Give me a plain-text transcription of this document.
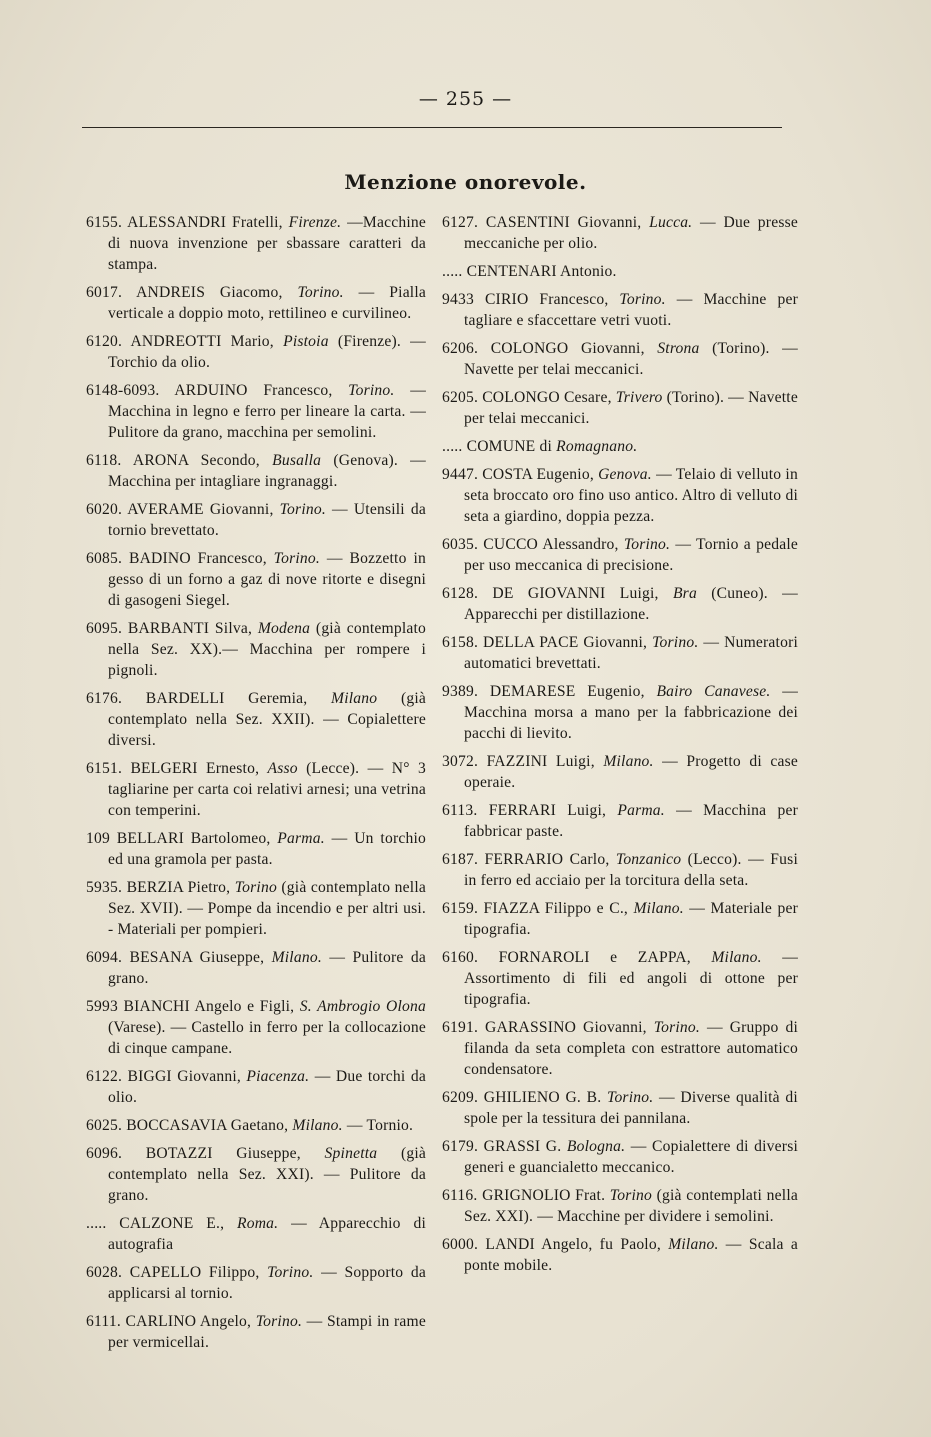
— 255 —
Menzione onorevole.

6155. ALESSANDRI Fratelli, Firenze. —Macchine di nuova invenzione per sbassare caratteri da stampa.

6017. ANDREIS Giacomo, Torino. — Pialla verticale a doppio moto, rettilineo e curvilineo.

6120. ANDREOTTI Mario, Pistoia (Firenze). — Torchio da olio.

6148-6093. ARDUINO Francesco, Torino. — Macchina in legno e ferro per lineare la carta. — Pulitore da grano, macchina per semolini.

6118. ARONA Secondo, Busalla (Genova). — Macchina per intagliare ingranaggi.

6020. AVERAME Giovanni, Torino. — Utensili da tornio brevettato.

6085. BADINO Francesco, Torino. — Bozzetto in gesso di un forno a gaz di nove ritorte e disegni di gasogeni Siegel.

6095. BARBANTI Silva, Modena (già contemplato nella Sez. XX).— Macchina per rompere i pignoli.

6176. BARDELLI Geremia, Milano (già contemplato nella Sez. XXII). — Copialettere diversi.

6151. BELGERI Ernesto, Asso (Lecce). — N° 3 tagliarine per carta coi relativi arnesi; una vetrina con temperini.

109 BELLARI Bartolomeo, Parma. — Un torchio ed una gramola per pasta.

5935. BERZIA Pietro, Torino (già contemplato nella Sez. XVII). — Pompe da incendio e per altri usi. - Materiali per pompieri.

6094. BESANA Giuseppe, Milano. — Pulitore da grano.

5993 BIANCHI Angelo e Figli, S. Ambrogio Olona (Varese). — Castello in ferro per la collocazione di cinque campane.

6122. BIGGI Giovanni, Piacenza. — Due torchi da olio.

6025. BOCCASAVIA Gaetano, Milano. — Tornio.

6096. BOTAZZI Giuseppe, Spinetta (già contemplato nella Sez. XXI). — Pulitore da grano.

..... CALZONE E., Roma. — Apparecchio di autografia

6028. CAPELLO Filippo, Torino. — Sopporto da applicarsi al tornio.

6111. CARLINO Angelo, Torino. — Stampi in rame per vermicellai.

6127. CASENTINI Giovanni, Lucca. — Due presse meccaniche per olio.

..... CENTENARI Antonio.

9433 CIRIO Francesco, Torino. — Macchine per tagliare e sfaccettare vetri vuoti.

6206. COLONGO Giovanni, Strona (Torino). — Navette per telai meccanici.

6205. COLONGO Cesare, Trivero (Torino). — Navette per telai meccanici.

..... COMUNE di Romagnano.

9447. COSTA Eugenio, Genova. — Telaio di velluto in seta broccato oro fino uso antico. Altro di velluto di seta a giardino, doppia pezza.

6035. CUCCO Alessandro, Torino. — Tornio a pedale per uso meccanica di precisione.

6128. DE GIOVANNI Luigi, Bra (Cuneo). — Apparecchi per distillazione.

6158. DELLA PACE Giovanni, Torino. — Numeratori automatici brevettati.

9389. DEMARESE Eugenio, Bairo Canavese. — Macchina morsa a mano per la fabbricazione dei pacchi di lievito.

3072. FAZZINI Luigi, Milano. — Progetto di case operaie.

6113. FERRARI Luigi, Parma. — Macchina per fabbricar paste.

6187. FERRARIO Carlo, Tonzanico (Lecco). — Fusi in ferro ed acciaio per la torcitura della seta.

6159. FIAZZA Filippo e C., Milano. — Materiale per tipografia.

6160. FORNAROLI e ZAPPA, Milano. — Assortimento di fili ed angoli di ottone per tipografia.

6191. GARASSINO Giovanni, Torino. — Gruppo di filanda da seta completa con estrattore automatico condensatore.

6209. GHILIENO G. B. Torino. — Diverse qualità di spole per la tessitura dei pannilana.

6179. GRASSI G. Bologna. — Copialettere di diversi generi e guancialetto meccanico.

6116. GRIGNOLIO Frat. Torino (già contemplati nella Sez. XXI). — Macchine per dividere i semolini.

6000. LANDI Angelo, fu Paolo, Milano. — Scala a ponte mobile.
